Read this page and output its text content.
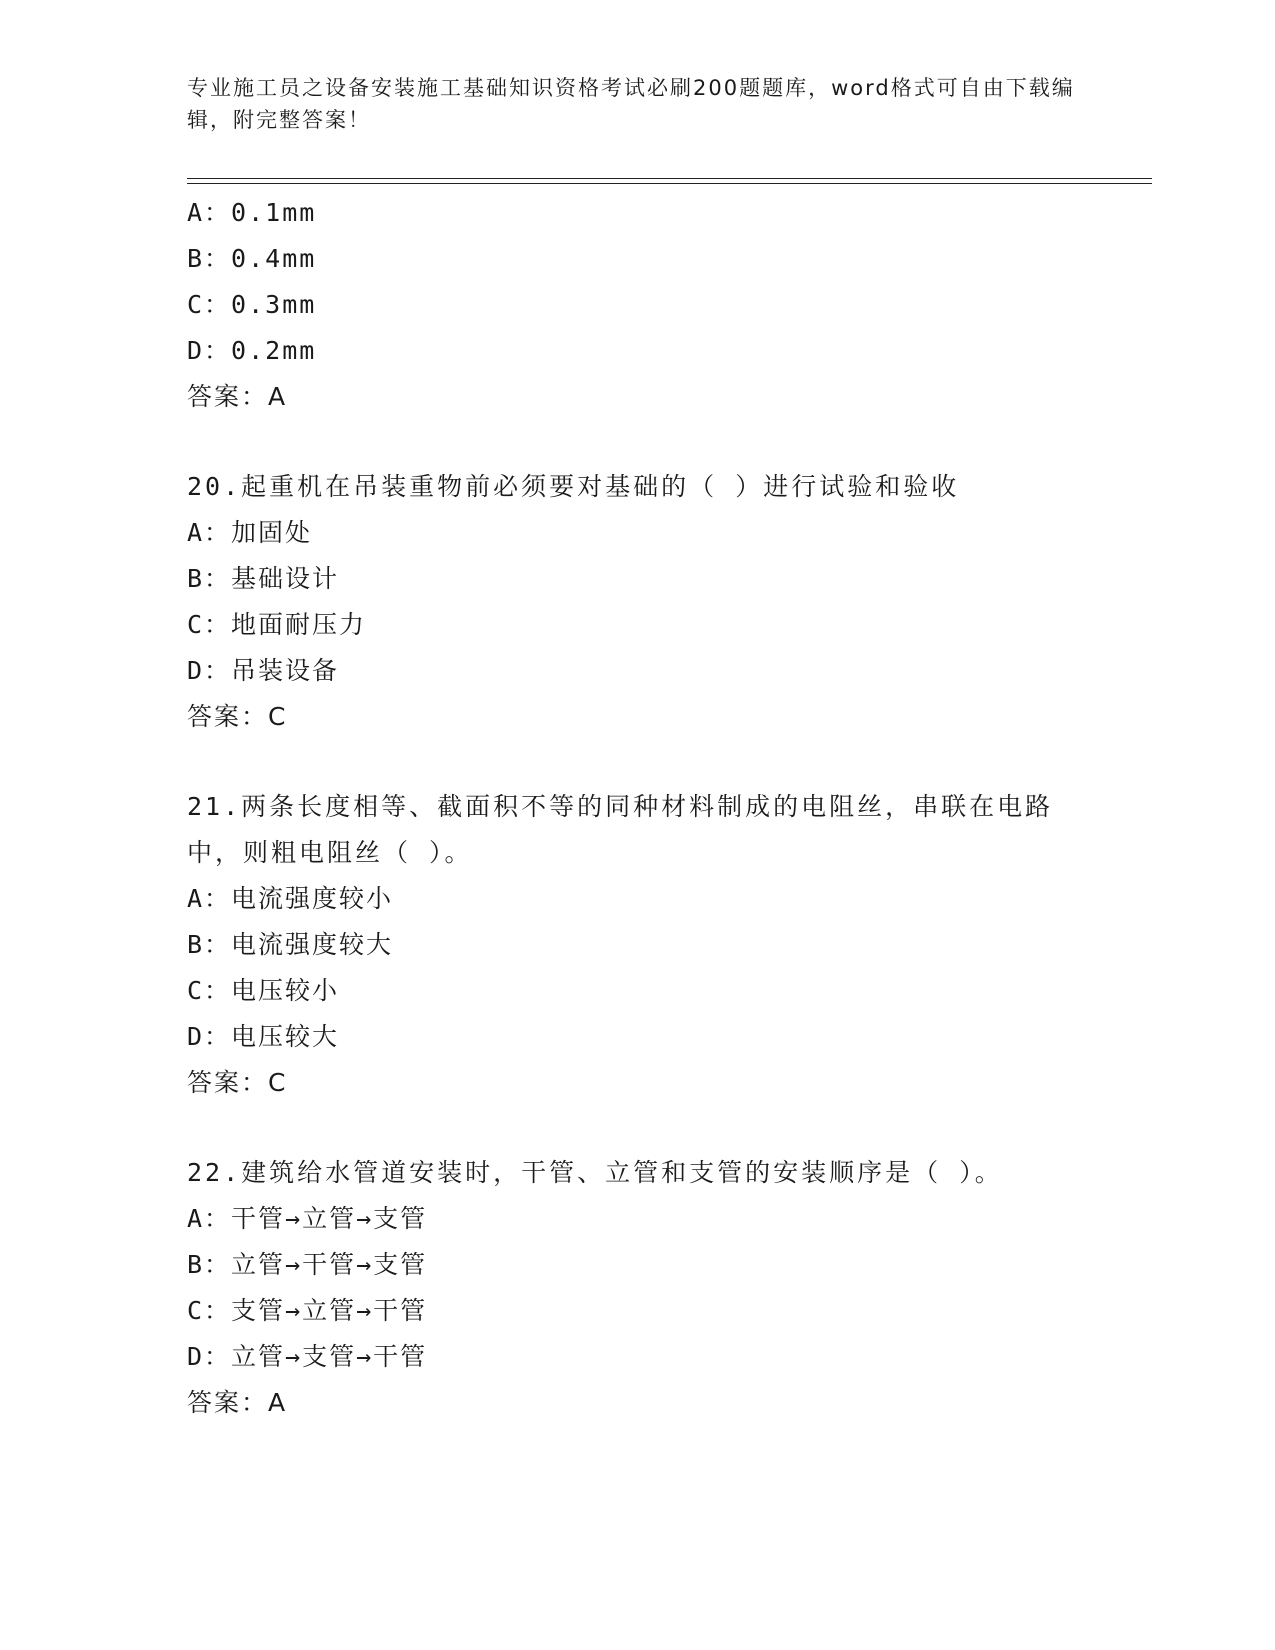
专业施工员之设备安装施工基础知识资格考试必刷200题题库，word格式可自由下载编辑，附完整答案！
A：0.1mm
B：0.4mm
C：0.3mm
D：0.2mm
答案：A
20.起重机在吊装重物前必须要对基础的（ ）进行试验和验收
A：加固处
B：基础设计
C：地面耐压力
D：吊装设备
答案：C
21.两条长度相等、截面积不等的同种材料制成的电阻丝，串联在电路中，则粗电阻丝（ ）。
A：电流强度较小
B：电流强度较大
C：电压较小
D：电压较大
答案：C
22.建筑给水管道安装时，干管、立管和支管的安装顺序是（ ）。
A：干管→立管→支管
B：立管→干管→支管
C：支管→立管→干管
D：立管→支管→干管
答案：A
